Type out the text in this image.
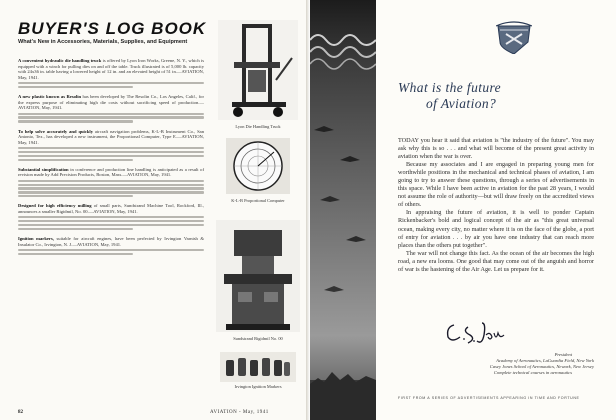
BUYER'S LOG BOOK
What's New in Accessories, Materials, Supplies, and Equipment
A convenient hydraulic die handling truck is offered by Lyon Iron Works, Greene, N. Y., which is equipped with a winch for pulling dies on and off the table. Truck illustrated is of 5,000 lb. capacity with 24x36 in. table having a lowered height of 12 in. and an elevated height of 51 in.—AVIATION, May, 1941.
A new plastic known as Resolin has been developed by The Resolin Co., Los Angeles, Calif., for the express purpose of eliminating high die costs without sacrificing speed of production.—AVIATION, May, 1941.
To help solve accurately and quickly aircraft navigation problems, K-L-B Instrument Co., San Antonio, Tex., has developed a new instrument, the Proportional Computer, Type E.—AVIATION, May, 1941.
Substantial simplification in conference and production line handling is anticipated as a result of revision made by Add Precision Products, Boston, Mass.—AVIATION, May, 1941.
Designed for high efficiency milling of small parts, Sundstrand Machine Tool, Rockford, Ill., announces a smaller Rigidmil, No. 00.—AVIATION, May, 1941.
Ignition markers, suitable for aircraft engines, have been perfected by Irvington Varnish & Insulator Co., Irvington, N. J.—AVIATION, May, 1941.
Lyon Die Handling Truck
K-L-B Proportional Computer
Sundstrand Rigidmil No. 00
Irvington Ignition Markers
82	AVIATION - May, 1941
What is the future
of Aviation?

TODAY you hear it said that aviation is "the industry of the future". You may ask why this is so . . . and what will become of the present great activity in aviation when the war is over.

Because my associates and I are engaged in preparing young men for worthwhile positions in the mechanical and technical phases of aviation, I am going to try to answer these questions, through a series of advertisements in this space. While I have been active in aviation for the past 28 years, I would not assume the role of authority—but will draw freely on the accredited views of others.

In appraising the future of aviation, it is well to ponder Captain Rickenbacker's bold and logical concept of the air as "this great universal ocean, making every city, no matter where it is on the face of the globe, a port of entry for aviation . . . by air you have one industry that can reach more places than the others put together".

The war will not change this fact. As the ocean of the air becomes the high road, a new era looms. One good that may come out of the anguish and horror of war is the hastening of the Air Age. Let us prepare for it.

President
Academy of Aeronautics, LaGuardia Field, New York
Casey Jones School of Aeronautics, Newark, New Jersey
Complete technical courses in aeronautics
FIRST FROM A SERIES OF ADVERTISEMENTS APPEARING IN TIME AND FORTUNE
